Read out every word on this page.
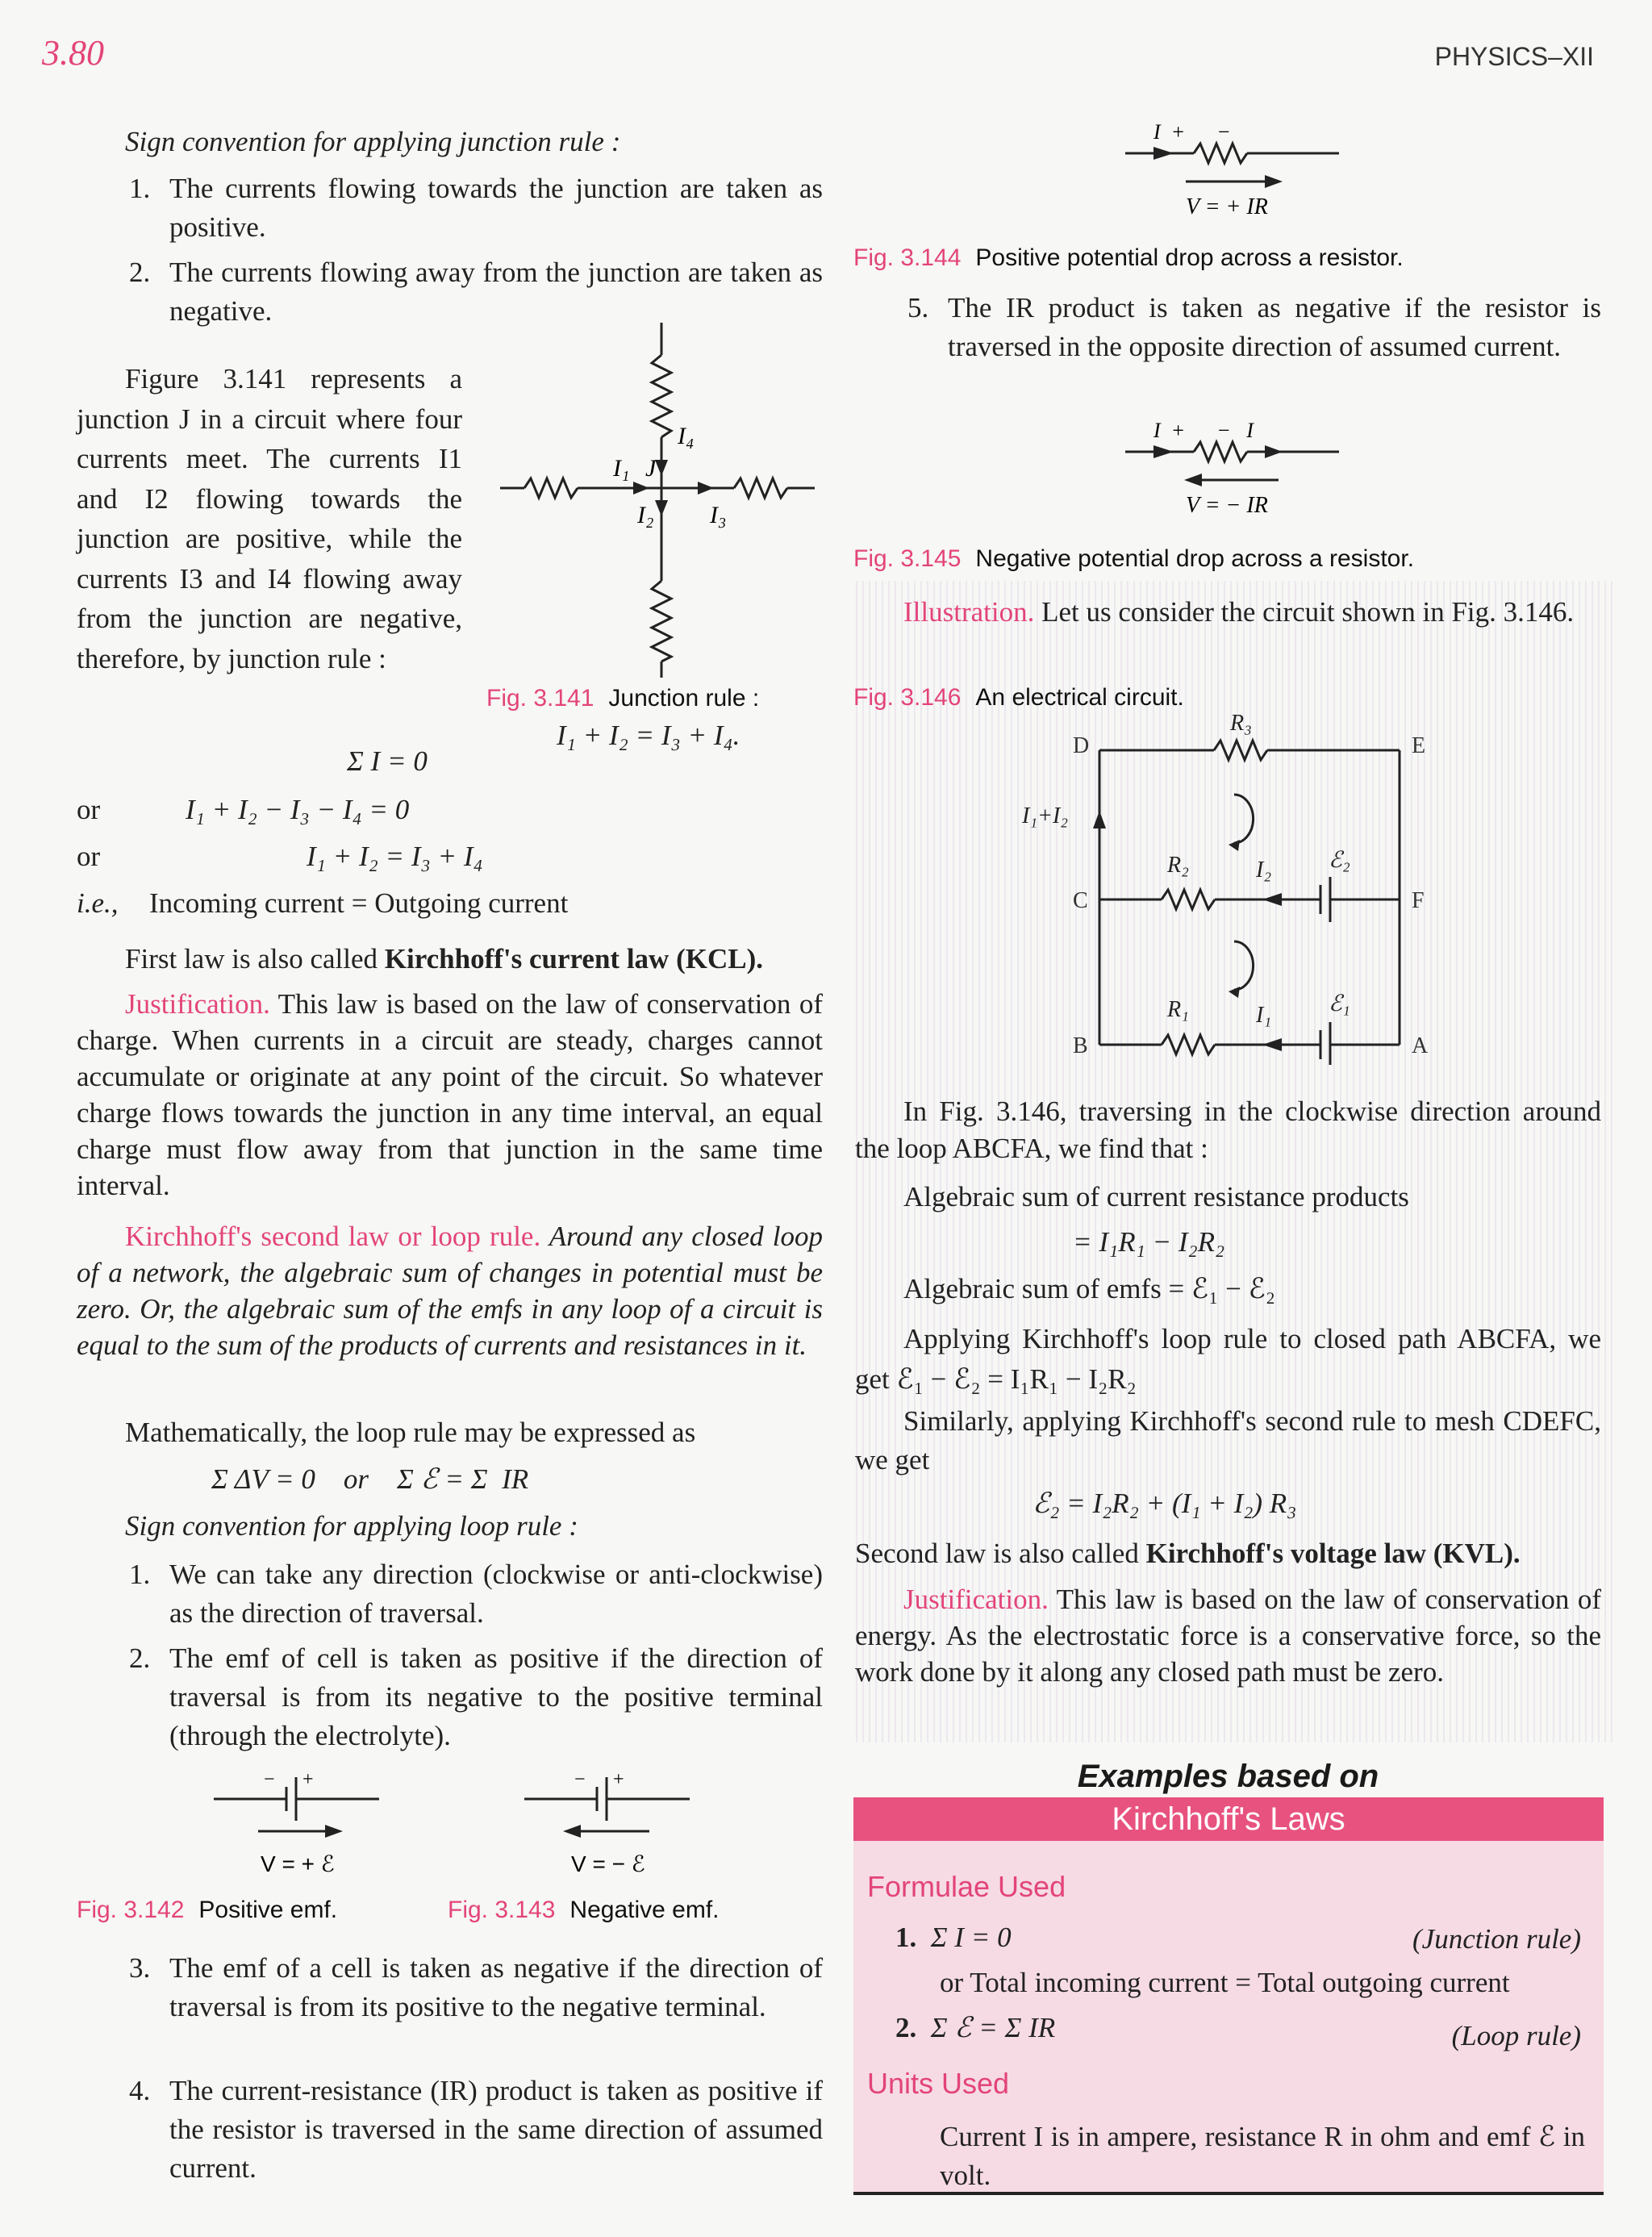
3.80	PHYSICS–XII
Sign convention for applying junction rule :
1. The currents flowing towards the junction are taken as positive.
2. The currents flowing away from the junction are taken as negative.
Figure 3.141 represents a junction J in a circuit where four currents meet. The currents I1 and I2 flowing towards the junction are positive, while the currents I3 and I4 flowing away from the junction are negative, therefore, by junction rule :
I₁ J
I₄
I₂ I₃
Fig. 3.141 Junction rule :
I₁ + I₂ = I₃ + I₄.
Σ I = 0
or	I₁ + I₂ − I₃ − I₄ = 0
or	I₁ + I₂ = I₃ + I₄
i.e., Incoming current = Outgoing current
First law is also called Kirchhoff's current law (KCL).
Justification. This law is based on the law of conservation of charge. When currents in a circuit are steady, charges cannot accumulate or originate at any point of the circuit. So whatever charge flows towards the junction in any time interval, an equal charge must flow away from that junction in the same time interval.
Kirchhoff's second law or loop rule. Around any closed loop of a network, the algebraic sum of changes in potential must be zero. Or, the algebraic sum of the emfs in any loop of a circuit is equal to the sum of the products of currents and resistances in it.
Mathematically, the loop rule may be expressed as
Σ ΔV = 0    or    Σ ℰ = Σ  IR
Sign convention for applying loop rule :
1. We can take any direction (clockwise or anti-clockwise) as the direction of traversal.
2. The emf of cell is taken as positive if the direction of traversal is from its negative to the positive terminal (through the electrolyte).
− +
V = + ℰ
− +
V = − ℰ
Fig. 3.142 Positive emf.	Fig. 3.143 Negative emf.
3. The emf of a cell is taken as negative if the direction of traversal is from its positive to the negative terminal.
4. The current-resistance (IR) product is taken as positive if the resistor is traversed in the same direction of assumed current.
I  +      −
V = + IR
Fig. 3.144 Positive potential drop across a resistor.
5. The IR product is taken as negative if the resistor is traversed in the opposite direction of assumed current.
I  +      −   I
V = − IR
Fig. 3.145 Negative potential drop across a resistor.
Illustration. Let us consider the circuit shown in Fig. 3.146.
Fig. 3.146 An electrical circuit.
D	E
C	F
B	A
R₃
R₂
R₁
I₂
I₁
I₁+I₂
ℰ₂
ℰ₁
In Fig. 3.146, traversing in the clockwise direction around the loop ABCFA, we find that :
Algebraic sum of current resistance products
= I₁R₁ − I₂R₂
Algebraic sum of emfs = ℰ₁ − ℰ₂
Applying Kirchhoff's loop rule to closed path ABCFA, we get ℰ₁ − ℰ₂ = I₁R₁ − I₂R₂
Similarly, applying Kirchhoff's second rule to mesh CDEFC, we get
ℰ₂ = I₂R₂ + (I₁ + I₂) R₃
Second law is also called Kirchhoff's voltage law (KVL).
Justification. This law is based on the law of conservation of energy. As the electrostatic force is a conservative force, so the work done by it along any closed path must be zero.
Examples based on
Kirchhoff's Laws
Formulae Used
1. Σ I = 0	(Junction rule)
or Total incoming current = Total outgoing current
2. Σ ℰ = Σ IR	(Loop rule)
Units Used
Current I is in ampere, resistance R in ohm and emf ℰ in volt.
